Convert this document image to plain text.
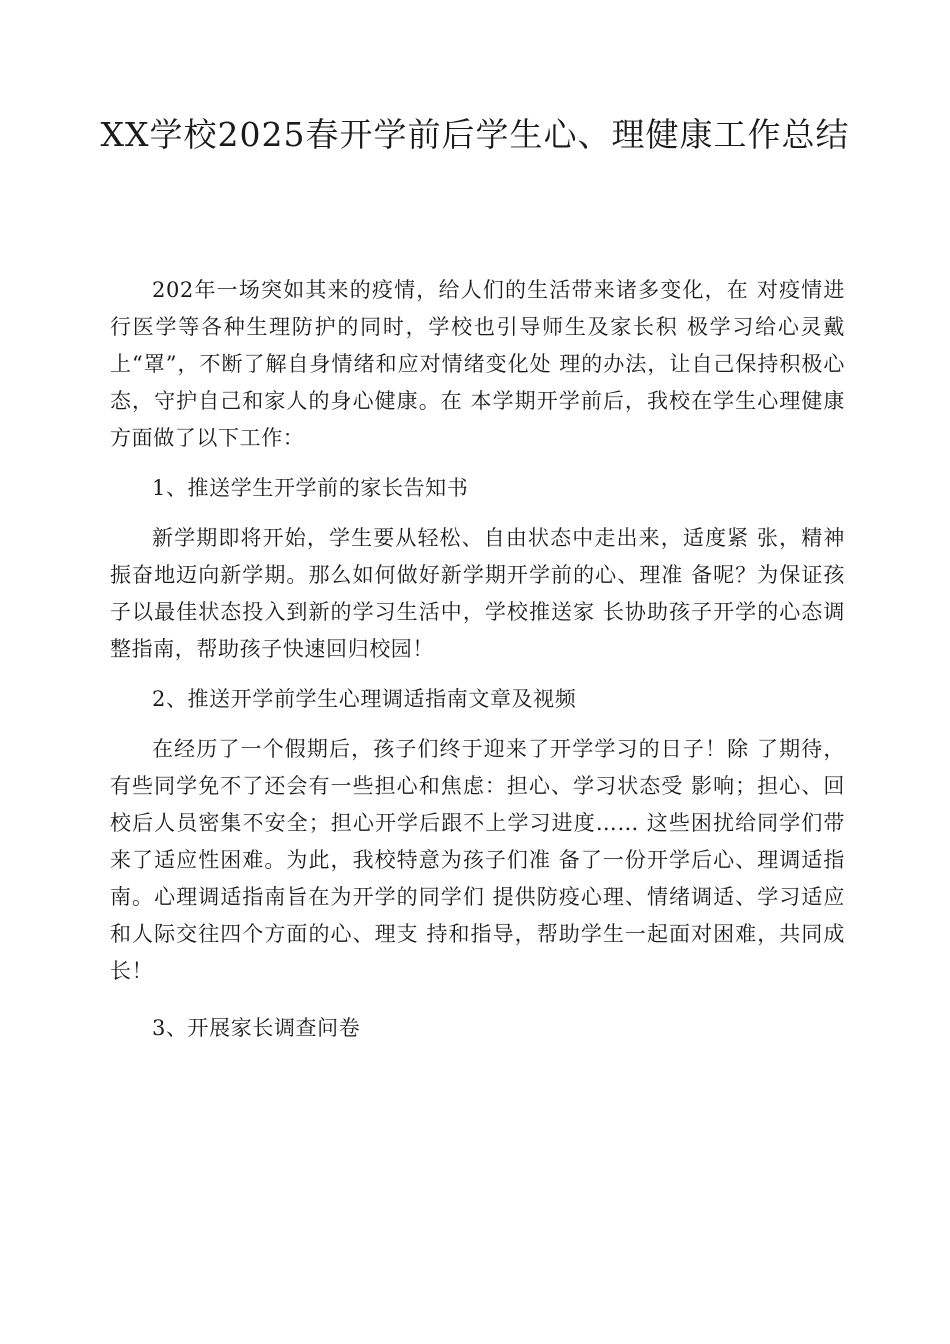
XX学校2025春开学前后学生心、理健康工作总结

202年一场突如其来的疫情，给人们的生活带来诸多变化，在 对疫情进行医学等各种生理防护的同时，学校也引导师生及家长积 极学习给心灵戴上“罩”，不断了解自身情绪和应对情绪变化处 理的办法，让自己保持积极心态，守护自己和家人的身心健康。在 本学期开学前后，我校在学生心理健康方面做了以下工作：

1、推送学生开学前的家长告知书

新学期即将开始，学生要从轻松、自由状态中走出来，适度紧 张，精神振奋地迈向新学期。那么如何做好新学期开学前的心、理准 备呢？为保证孩子以最佳状态投入到新的学习生活中，学校推送家 长协助孩子开学的心态调整指南，帮助孩子快速回归校园！

2、推送开学前学生心理调适指南文章及视频

在经历了一个假期后，孩子们终于迎来了开学学习的日子！除 了期待，有些同学免不了还会有一些担心和焦虑：担心、学习状态受 影响；担心、回校后人员密集不安全；担心开学后跟不上学习进度…… 这些困扰给同学们带来了适应性困难。为此，我校特意为孩子们准 备了一份开学后心、理调适指南。心理调适指南旨在为开学的同学们 提供防疫心理、情绪调适、学习适应和人际交往四个方面的心、理支 持和指导，帮助学生一起面对困难，共同成长！

3、开展家长调查问卷
